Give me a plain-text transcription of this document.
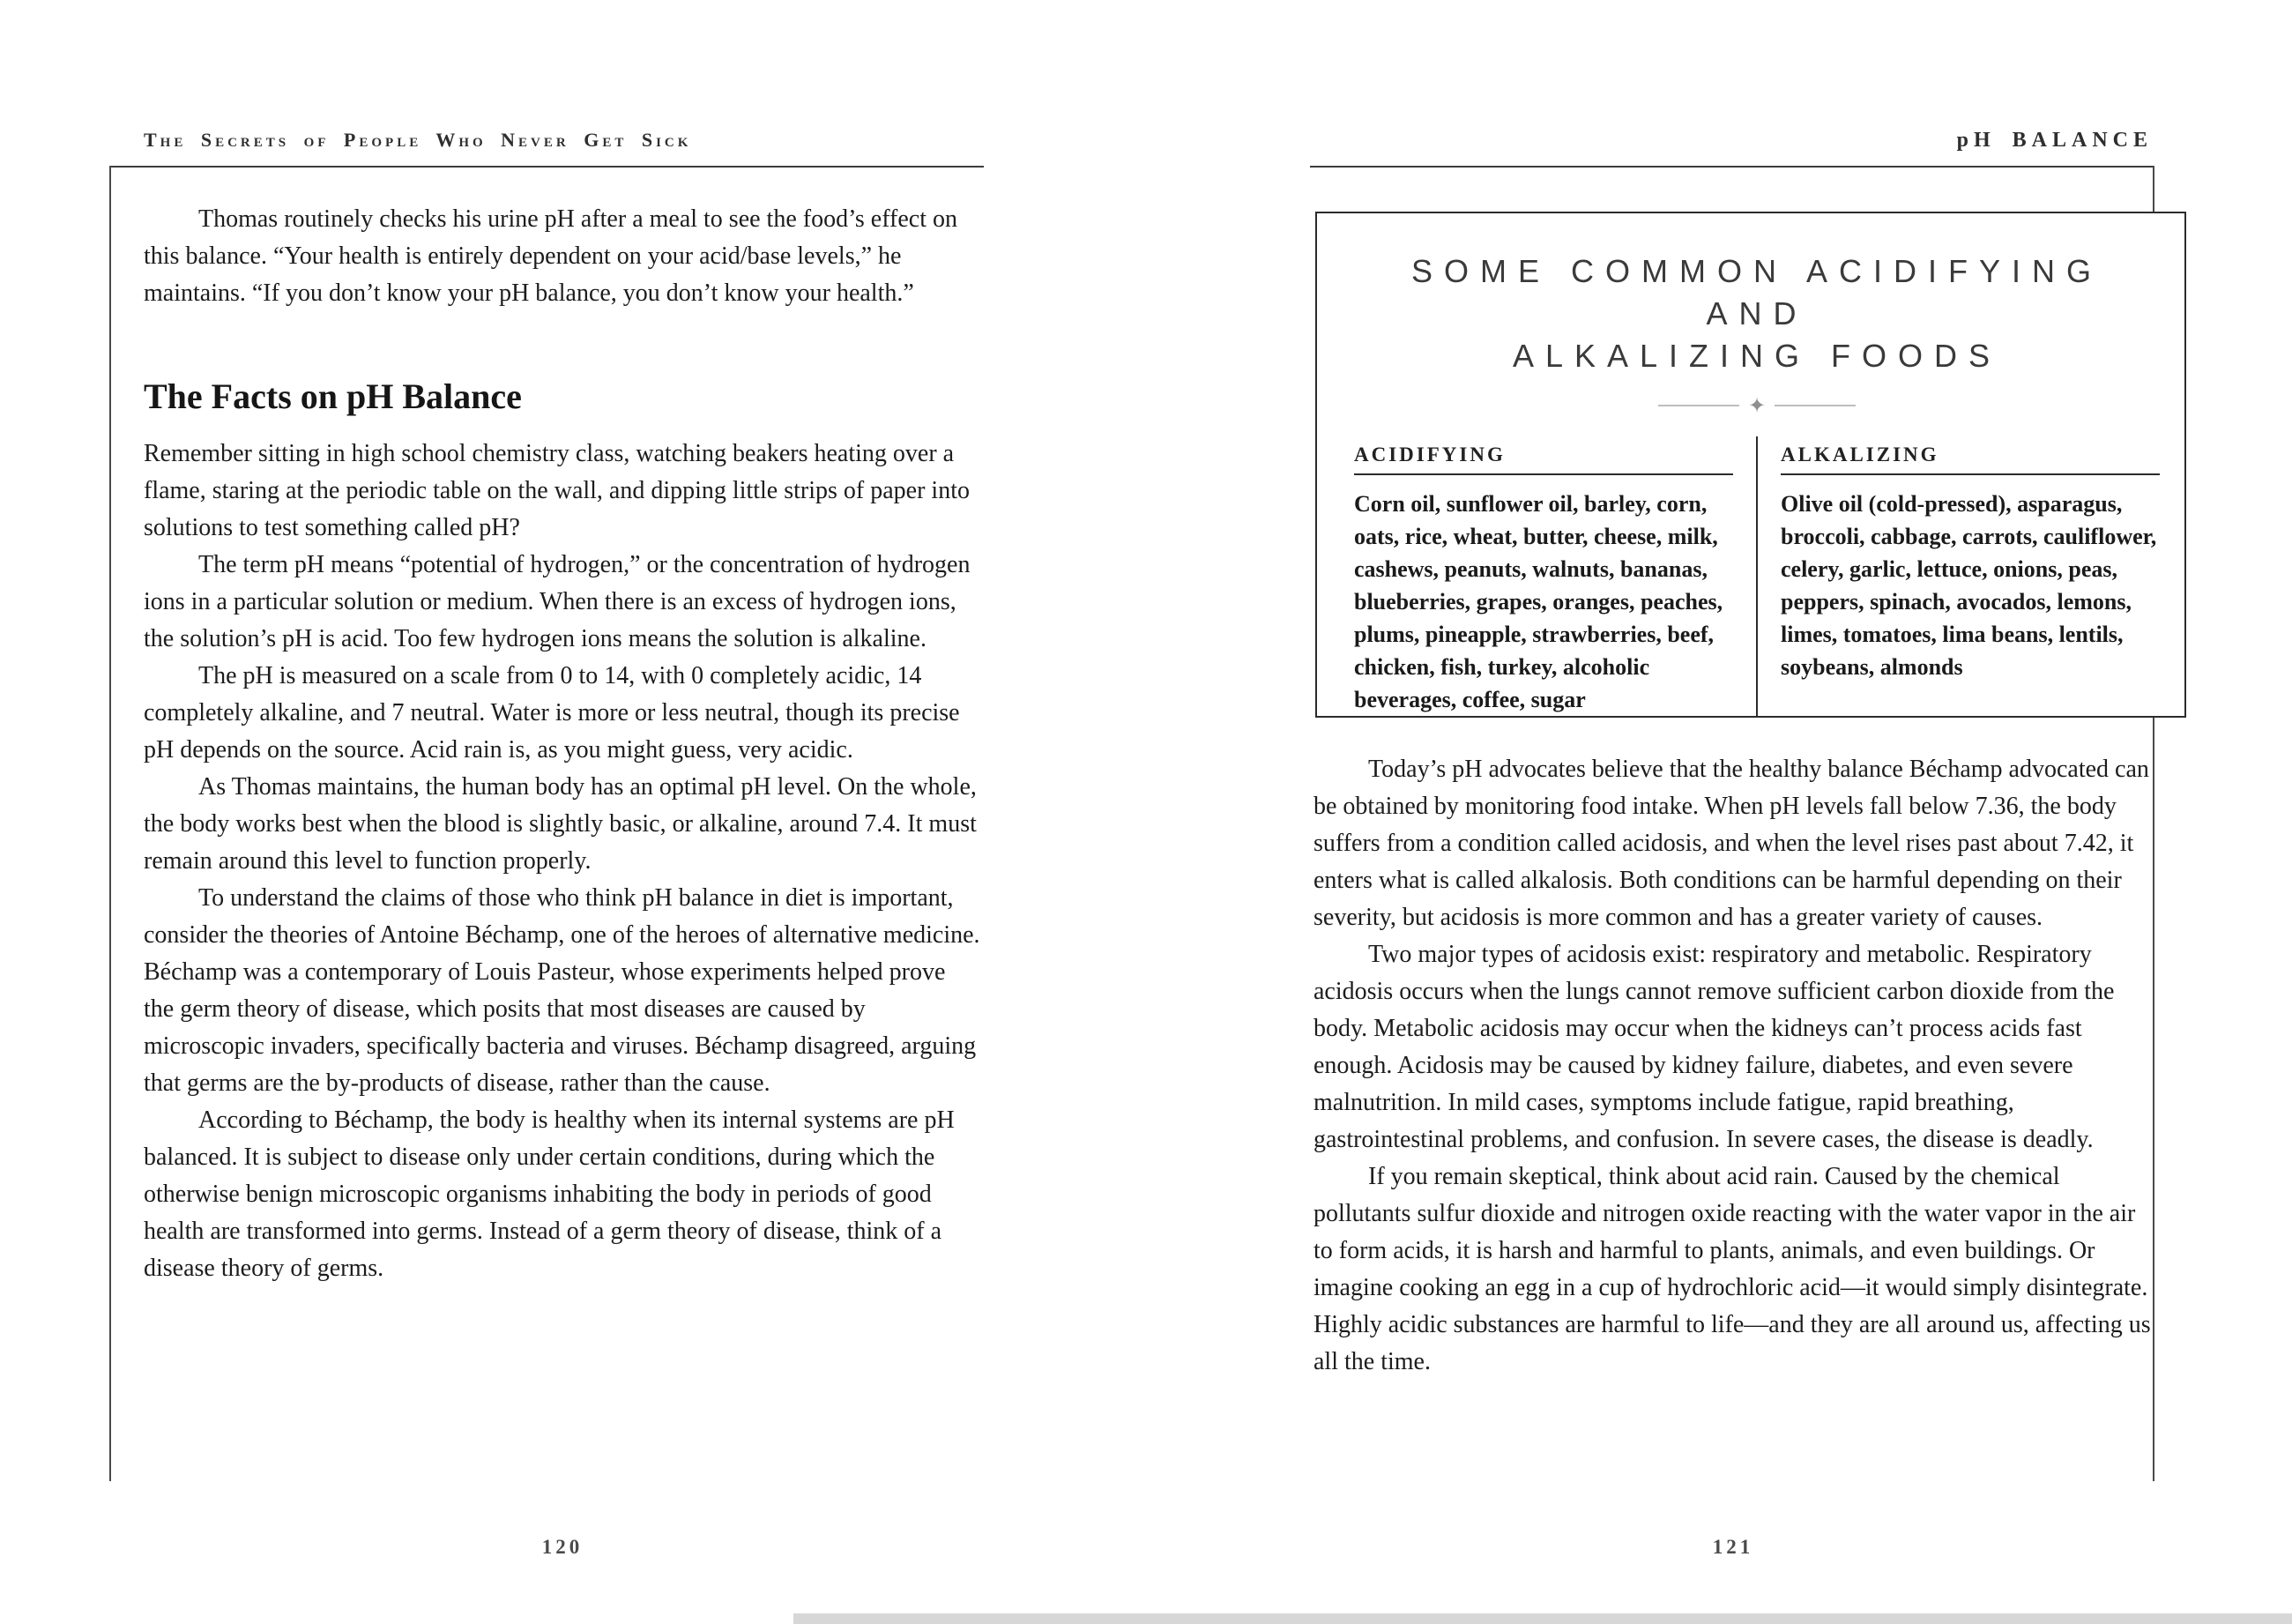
The Secrets of People Who Never Get Sick

Thomas routinely checks his urine pH after a meal to see the food’s effect on this balance. “Your health is entirely dependent on your acid/base levels,” he maintains. “If you don’t know your pH balance, you don’t know your health.”

The Facts on pH Balance

Remember sitting in high school chemistry class, watching beakers heating over a flame, staring at the periodic table on the wall, and dipping little strips of paper into solutions to test something called pH?

The term pH means “potential of hydrogen,” or the concentration of hydrogen ions in a particular solution or medium. When there is an excess of hydrogen ions, the solution’s pH is acid. Too few hydrogen ions means the solution is alkaline.

The pH is measured on a scale from 0 to 14, with 0 completely acidic, 14 completely alkaline, and 7 neutral. Water is more or less neutral, though its precise pH depends on the source. Acid rain is, as you might guess, very acidic.

As Thomas maintains, the human body has an optimal pH level. On the whole, the body works best when the blood is slightly basic, or alkaline, around 7.4. It must remain around this level to function properly.

To understand the claims of those who think pH balance in diet is important, consider the theories of Antoine Béchamp, one of the heroes of alternative medicine. Béchamp was a contemporary of Louis Pasteur, whose experiments helped prove the germ theory of disease, which posits that most diseases are caused by microscopic invaders, specifically bacteria and viruses. Béchamp disagreed, arguing that germs are the by-products of disease, rather than the cause.

According to Béchamp, the body is healthy when its internal systems are pH balanced. It is subject to disease only under certain conditions, during which the otherwise benign microscopic organisms inhabiting the body in periods of good health are transformed into germs. Instead of a germ theory of disease, think of a disease theory of germs.

120
pH BALANCE
SOME COMMON ACIDIFYING AND
ALKALIZING FOODS
✦
ACIDIFYING

Corn oil, sunflower oil, barley, corn, oats, rice, wheat, butter, cheese, milk, cashews, peanuts, walnuts, bananas, blueberries, grapes, oranges, peaches, plums, pineapple, strawberries, beef, chicken, fish, turkey, alcoholic beverages, coffee, sugar

ALKALIZING

Olive oil (cold-pressed), asparagus, broccoli, cabbage, carrots, cauliflower, celery, garlic, lettuce, onions, peas, peppers, spinach, avocados, lemons, limes, tomatoes, lima beans, lentils, soybeans, almonds

Today’s pH advocates believe that the healthy balance Béchamp advocated can be obtained by monitoring food intake. When pH levels fall below 7.36, the body suffers from a condition called acidosis, and when the level rises past about 7.42, it enters what is called alkalosis. Both conditions can be harmful depending on their severity, but acidosis is more common and has a greater variety of causes.

Two major types of acidosis exist: respiratory and metabolic. Respiratory acidosis occurs when the lungs cannot remove sufficient carbon dioxide from the body. Metabolic acidosis may occur when the kidneys can’t process acids fast enough. Acidosis may be caused by kidney failure, diabetes, and even severe malnutrition. In mild cases, symptoms include fatigue, rapid breathing, gastrointestinal problems, and confusion. In severe cases, the disease is deadly.

If you remain skeptical, think about acid rain. Caused by the chemical pollutants sulfur dioxide and nitrogen oxide reacting with the water vapor in the air to form acids, it is harsh and harmful to plants, animals, and even buildings. Or imagine cooking an egg in a cup of hydrochloric acid—it would simply disintegrate. Highly acidic substances are harmful to life—and they are all around us, affecting us all the time.

121
